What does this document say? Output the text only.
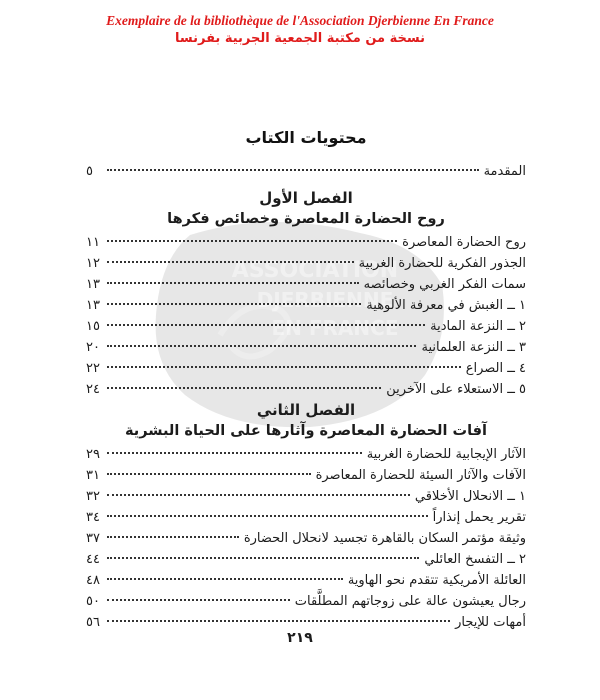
Exemplaire de la bibliothèque de l'Association Djerbienne En France
نسخة من مكتبة الجمعية الجربية بفرنسا
ASSOCIATION
DJERBIENNE
EN FRANCE
محتويات الكتاب
المقدمة
٥
الفصل الأول
روح الحضارة المعاصرة وخصائص فكرها
روح الحضارة المعاصرة
١١
الجذور الفكرية للحضارة الغربية
١٢
سمات الفكر الغربي وخصائصه
١٣
١ ــ الغبش في معرفة الألوهية
١٣
٢ ــ النزعة المادية
١٥
٣ ــ النزعة العلمانية
٢٠
٤ ــ الصراع
٢٢
٥ ــ الاستعلاء على الآخرين
٢٤
الفصل الثاني
آفات الحضارة المعاصرة وآثارها على الحياة البشرية
الآثار الإيجابية للحضارة الغربية
٢٩
الآفات والآثار السيئة للحضارة المعاصرة
٣١
١ ــ الانحلال الأخلاقي
٣٢
تقرير يحمل إنذاراً
٣٤
وثيقة مؤتمر السكان بالقاهرة تجسيد لانحلال الحضارة
٣٧
٢ ــ التفسخ العائلي
٤٤
العائلة الأمريكية تتقدم نحو الهاوية
٤٨
رجال يعيشون عالة على زوجاتهم المطلَّقات
٥٠
أمهات للإيجار
٥٦
٢١٩
